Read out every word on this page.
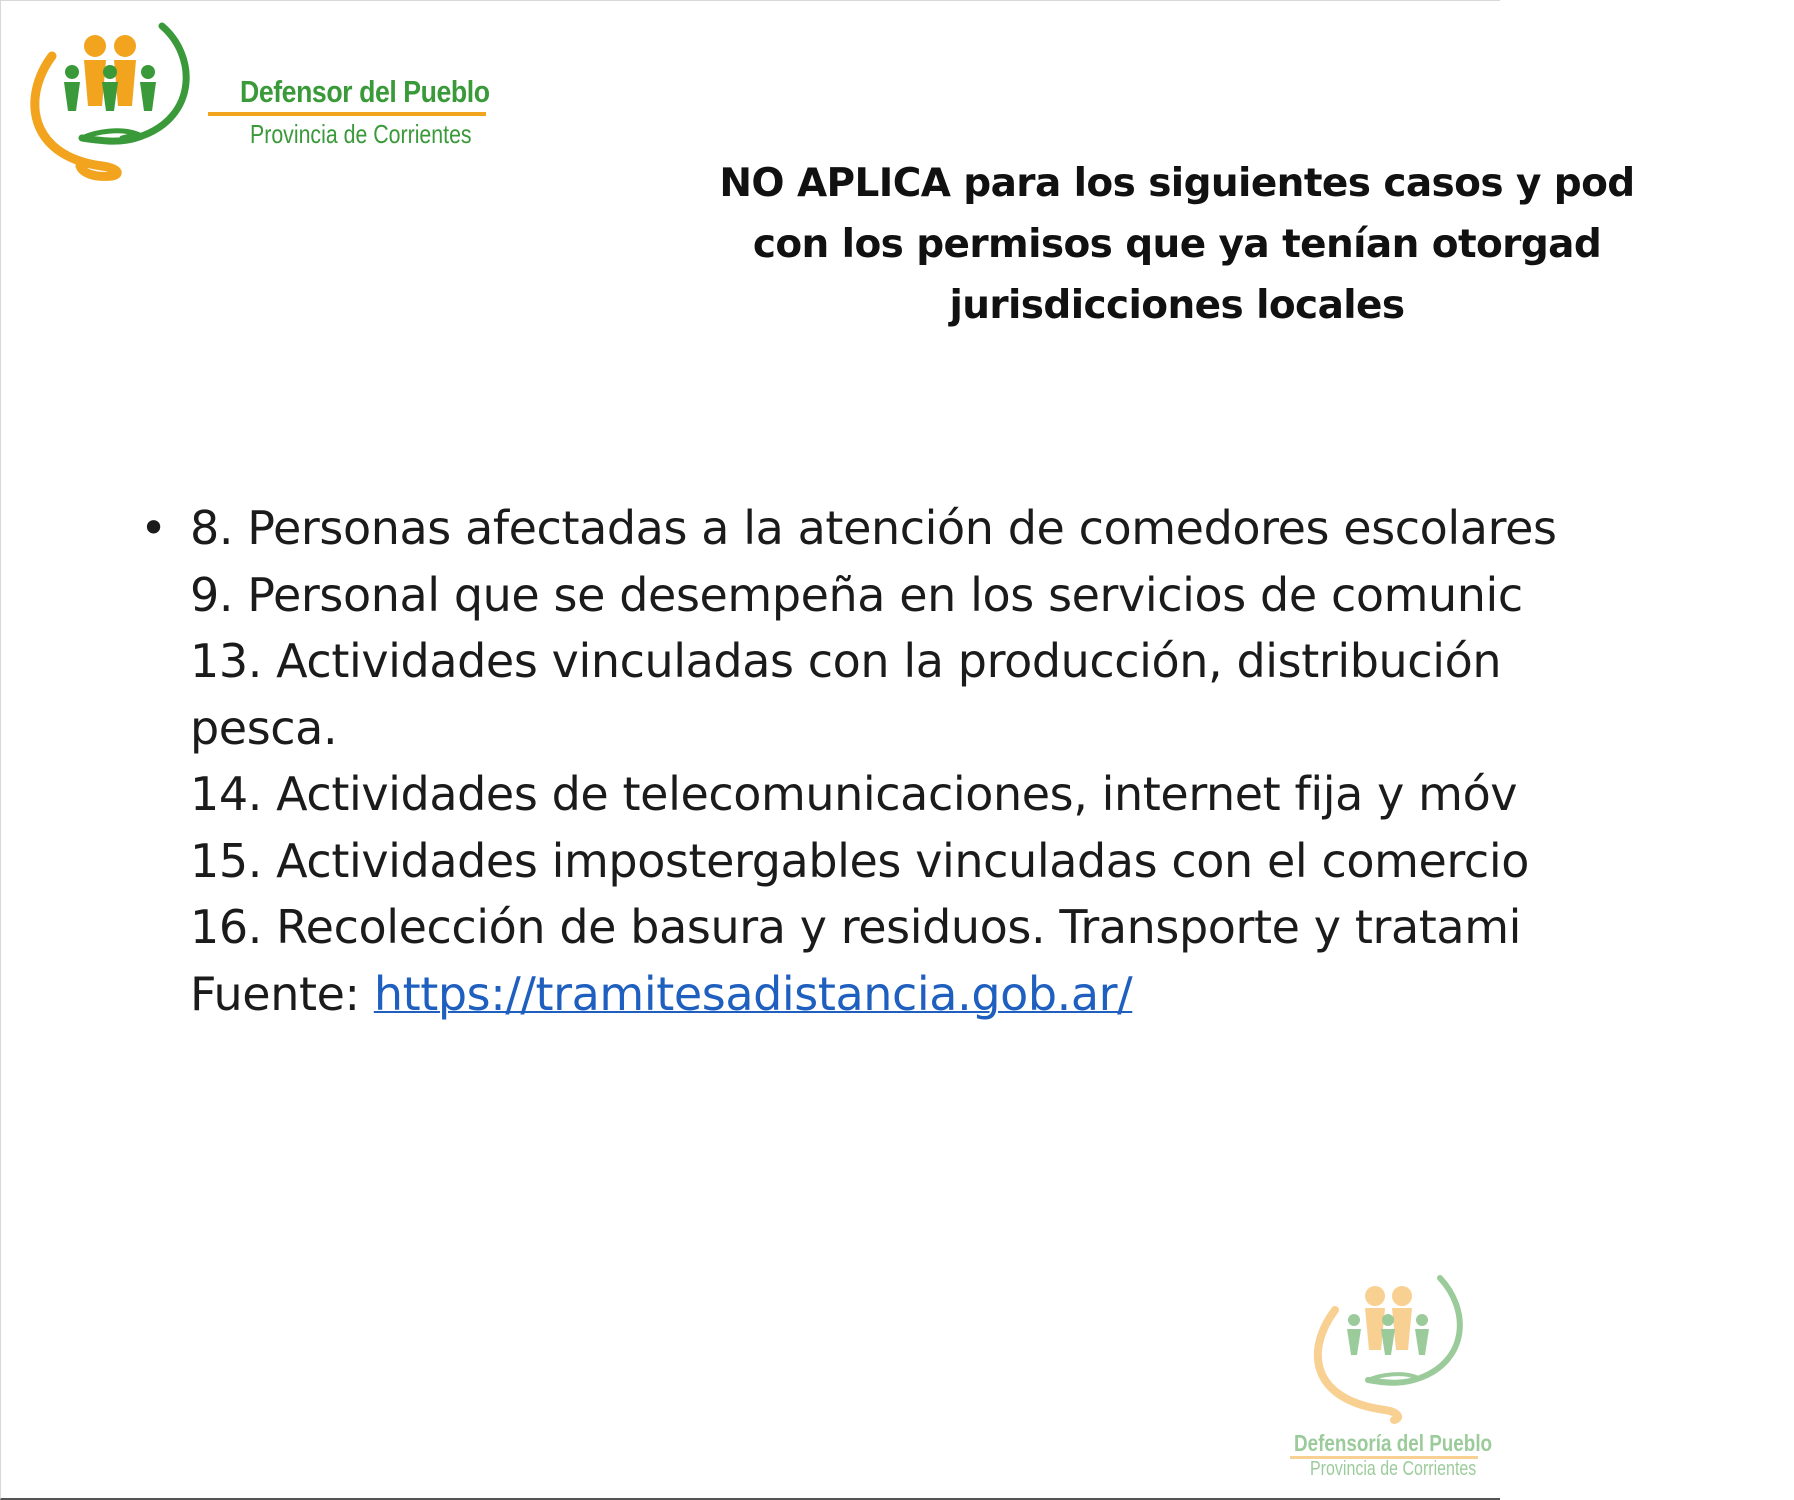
Defensor del Pueblo
Provincia de Corrientes
NO APLICA para los siguientes casos y pod
con los permisos que ya tenían otorgad
jurisdicciones locales
• 8. Personas afectadas a la atención de comedores escolares
9. Personal que se desempeña en los servicios de comunic
13. Actividades vinculadas con la producción, distribución
pesca.
14. Actividades de telecomunicaciones, internet fija y móv
15. Actividades impostergables vinculadas con el comercio
16. Recolección de basura y residuos. Transporte y tratami
Fuente: https://tramitesadistancia.gob.ar/
Defensoría del Pueblo
Provincia de Corrientes
